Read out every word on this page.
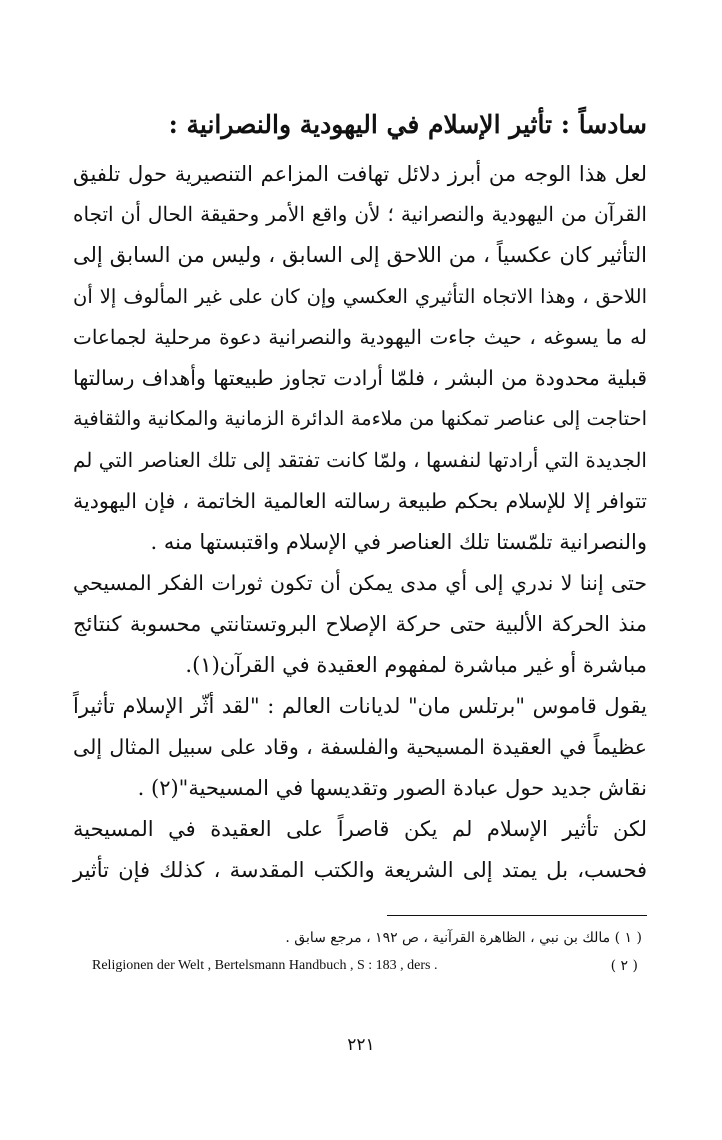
سادساً : تأثير الإسلام في اليهودية والنصرانية :
لعل هذا الوجه من أبرز دلائل تهافت المزاعم التنصيرية حول تلفيق
القرآن من اليهودية والنصرانية ؛ لأن واقع الأمر وحقيقة الحال أن اتجاه
التأثير كان عكسياً ، من اللاحق إلى السابق ، وليس من السابق إلى
اللاحق ، وهذا الاتجاه التأثيري العكسي وإن كان على غير المألوف إلا أن
له ما يسوغه ، حيث جاءت اليهودية والنصرانية دعوة مرحلية لجماعات
قبلية محدودة من البشر ، فلمّا أرادت تجاوز طبيعتها وأهداف رسالتها
احتاجت إلى عناصر تمكنها من ملاءمة الدائرة الزمانية والمكانية والثقافية
الجديدة التي أرادتها لنفسها ، ولمّا كانت تفتقد إلى تلك العناصر التي لم
تتوافر إلا للإسلام بحكم طبيعة رسالته العالمية الخاتمة ، فإن اليهودية
والنصرانية تلمّستا تلك العناصر في الإسلام واقتبستها منه .
حتى إننا لا ندري إلى أي مدى يمكن أن تكون ثورات الفكر المسيحي
منذ الحركة الألبية حتى حركة الإصلاح البروتستانتي محسوبة كنتائج
مباشرة أو غير مباشرة لمفهوم العقيدة في القرآن(١).
يقول قاموس "برتلس مان" لديانات العالم : "لقد أثّر الإسلام تأثيراً
عظيماً في العقيدة المسيحية والفلسفة ، وقاد على سبيل المثال إلى
نقاش جديد حول عبادة الصور وتقديسها في المسيحية"(٢) .
لكن تأثير الإسلام لم يكن قاصراً على العقيدة في المسيحية
فحسب، بل يمتد إلى الشريعة والكتب المقدسة ، كذلك فإن تأثير
( ١ ) مالك بن نبي ، الظاهرة القرآنية ، ص ١٩٢ ، مرجع سابق .
Religionen der Welt , Bertelsmann Handbuch , S : 183 , ders .	( ٢ )
٢٢١
